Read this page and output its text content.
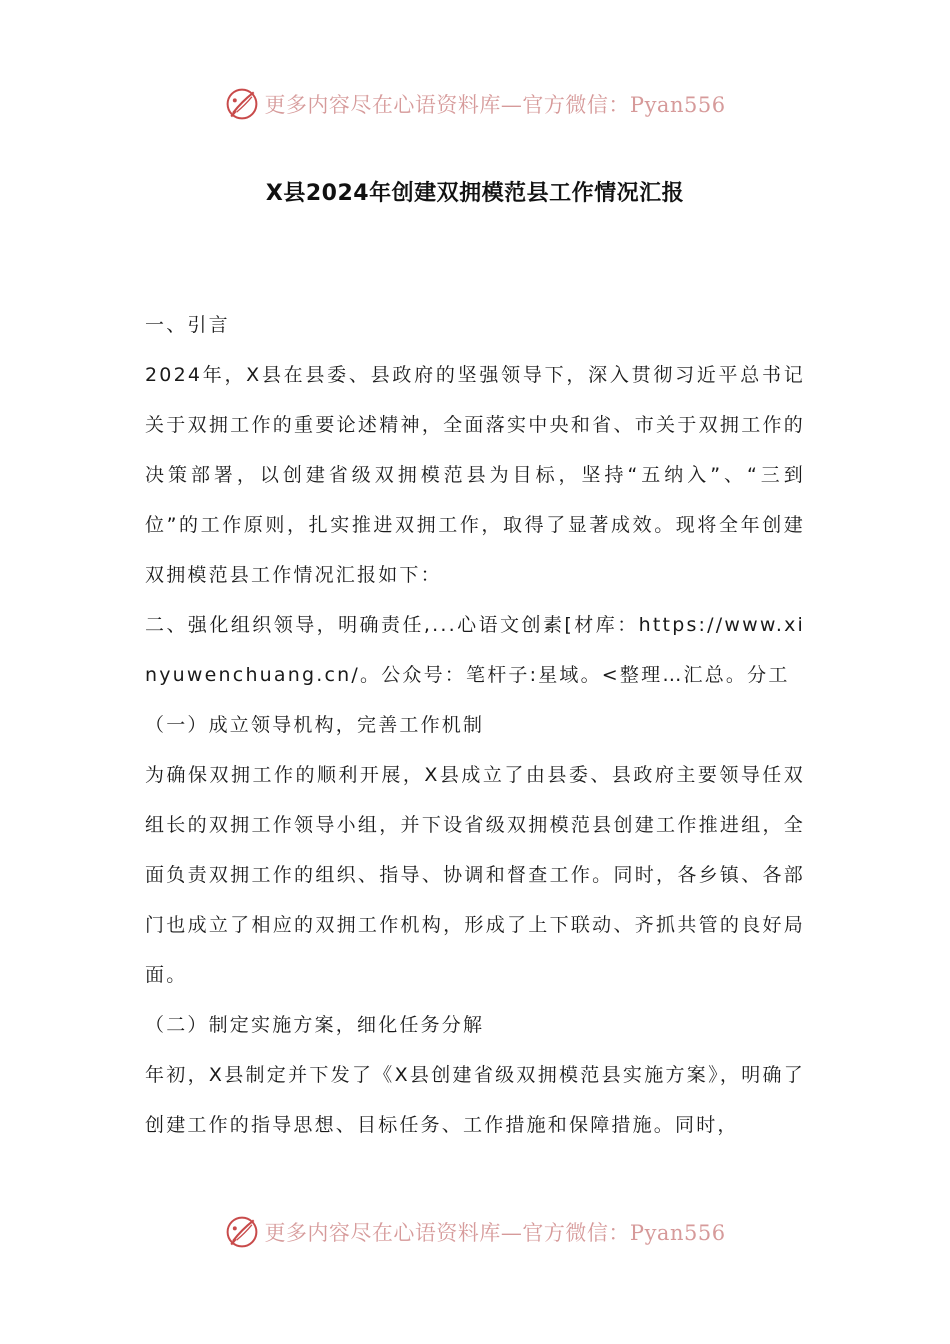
更多内容尽在心语资料库—官方微信：Pyan556
X县2024年创建双拥模范县工作情况汇报

一、引言

2024年，X县在县委、县政府的坚强领导下，深入贯彻习近平总书记关于双拥工作的重要论述精神，全面落实中央和省、市关于双拥工作的决策部署，以创建省级双拥模范县为目标，坚持“五纳入”、“三到位”的工作原则，扎实推进双拥工作，取得了显著成效。现将全年创建双拥模范县工作情况汇报如下：

二、强化组织领导，明确责任,...心语文创素[材库：https://www.xinyuwenchuang.cn/。公众号：笔杆子:星域。<整理…汇总。分工

（一）成立领导机构，完善工作机制

为确保双拥工作的顺利开展，X县成立了由县委、县政府主要领导任双组长的双拥工作领导小组，并下设省级双拥模范县创建工作推进组，全面负责双拥工作的组织、指导、协调和督查工作。同时，各乡镇、各部门也成立了相应的双拥工作机构，形成了上下联动、齐抓共管的良好局面。

（二）制定实施方案，细化任务分解

年初，X县制定并下发了《X县创建省级双拥模范县实施方案》，明确了创建工作的指导思想、目标任务、工作措施和保障措施。同时，

更多内容尽在心语资料库—官方微信：Pyan556
